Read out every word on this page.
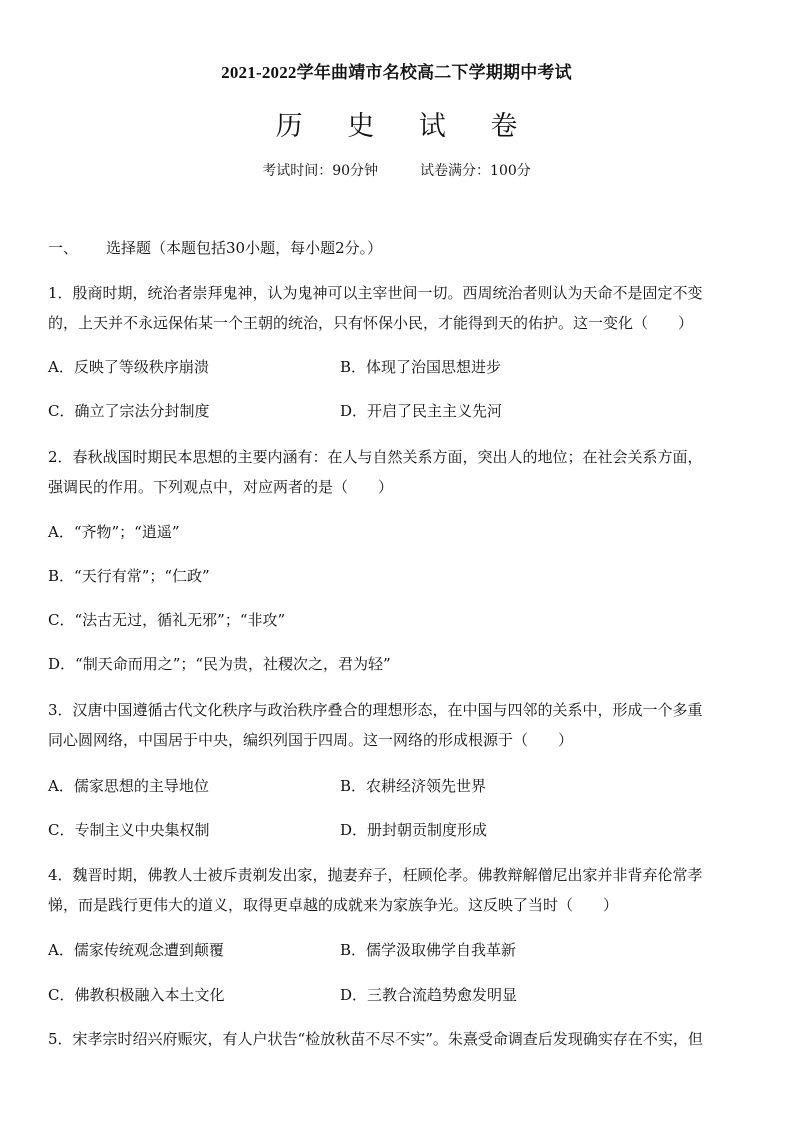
2021-2022学年曲靖市名校高二下学期期中考试
历 史 试 卷
考试时间：90分钟	试卷满分：100分
一、 选择题（本题包括30小题，每小题2分。）
1．殷商时期，统治者崇拜鬼神，认为鬼神可以主宰世间一切。西周统治者则认为天命不是固定不变
的，上天并不永远保佑某一个王朝的统治，只有怀保小民，才能得到天的佑护。这一变化（　　）
A．反映了等级秩序崩溃	B．体现了治国思想进步
C．确立了宗法分封制度	D．开启了民主主义先河
2．春秋战国时期民本思想的主要内涵有：在人与自然关系方面，突出人的地位；在社会关系方面，
强调民的作用。下列观点中，对应两者的是（　　）
A．“齐物”；“逍遥”
B．“天行有常”；“仁政”
C．“法古无过，循礼无邪”；“非攻”
D．“制天命而用之”；“民为贵，社稷次之，君为轻”
3．汉唐中国遵循古代文化秩序与政治秩序叠合的理想形态，在中国与四邻的关系中，形成一个多重
同心圆网络，中国居于中央，编织列国于四周。这一网络的形成根源于（　　）
A．儒家思想的主导地位	B．农耕经济领先世界
C．专制主义中央集权制	D．册封朝贡制度形成
4．魏晋时期，佛教人士被斥责剃发出家，抛妻弃子，枉顾伦孝。佛教辩解僧尼出家并非背弃伦常孝
悌，而是践行更伟大的道义，取得更卓越的成就来为家族争光。这反映了当时（　　）
A．儒家传统观念遭到颠覆	B．儒学汲取佛学自我革新
C．佛教积极融入本土文化	D．三教合流趋势愈发明显
5．宋孝宗时绍兴府赈灾，有人户状告“检放秋苗不尽不实”。朱熹受命调查后发现确实存在不实，但
